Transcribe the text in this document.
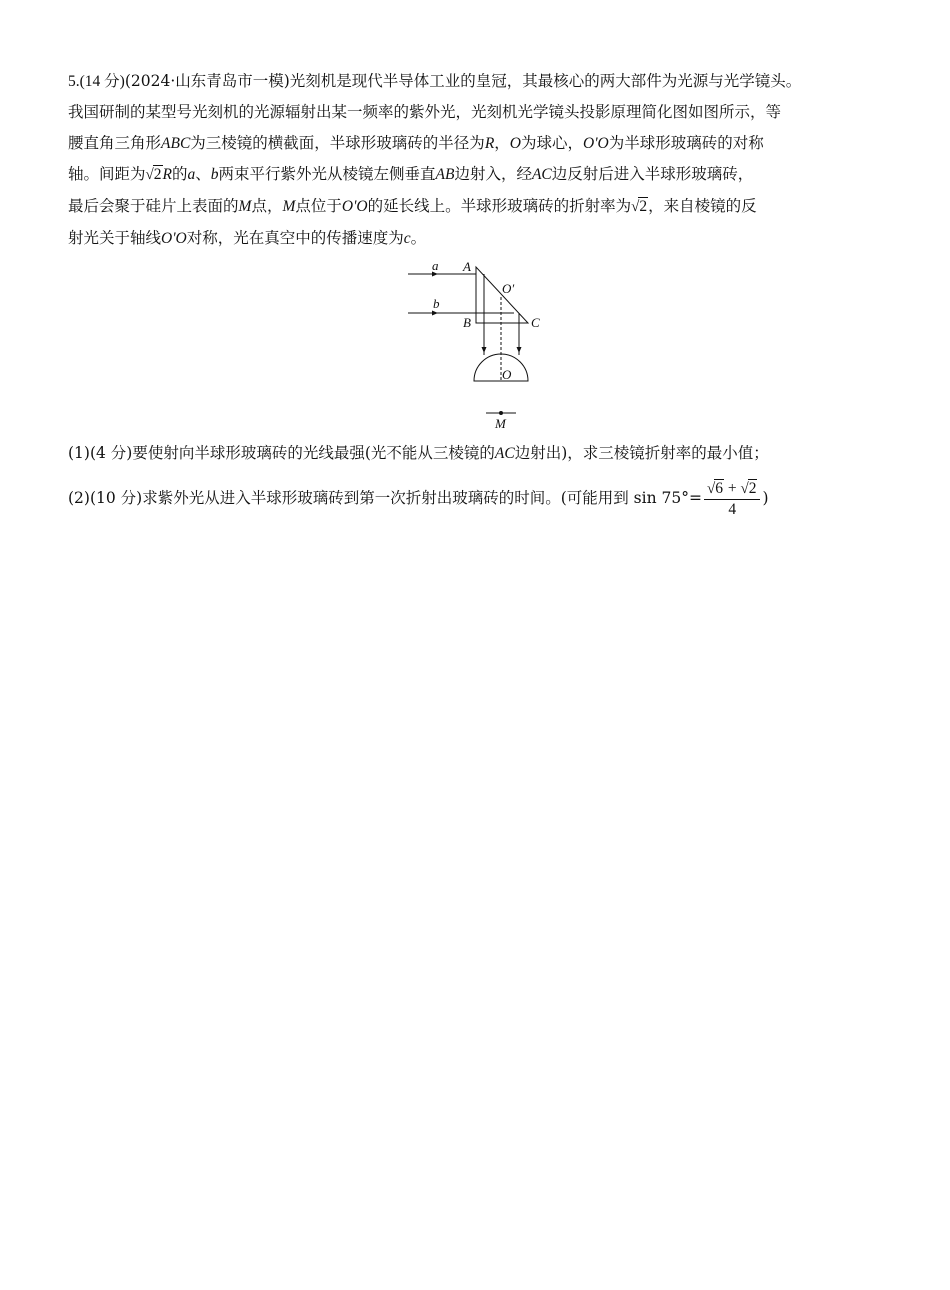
5.(14 分)(2024·山东青岛市一模)光刻机是现代半导体工业的皇冠，其最核心的两大部件为光源与光学镜头。

我国研制的某型号光刻机的光源辐射出某一频率的紫外光，光刻机光学镜头投影原理简化图如图所示，等

腰直角三角形ABC为三棱镜的横截面，半球形玻璃砖的半径为R，O为球心，O'O为半球形玻璃砖的对称

轴。间距为√2R的a、b两束平行紫外光从棱镜左侧垂直AB边射入，经AC边反射后进入半球形玻璃砖，

最后会聚于硅片上表面的M点，M点位于O'O的延长线上。半球形玻璃砖的折射率为√2，来自棱镜的反

射光关于轴线O'O对称，光在真空中的传播速度为c。

a
b
A
B	C
O′
O
M
(1)(4 分)要使射向半球形玻璃砖的光线最强(光不能从三棱镜的AC边射出)，求三棱镜折射率的最小值；
(2)(10 分)求紫外光从进入半球形玻璃砖到第一次折射出玻璃砖的时间。(可能用到 $\sin 75^\circ= \frac{√6 + √2}{4}$ )
